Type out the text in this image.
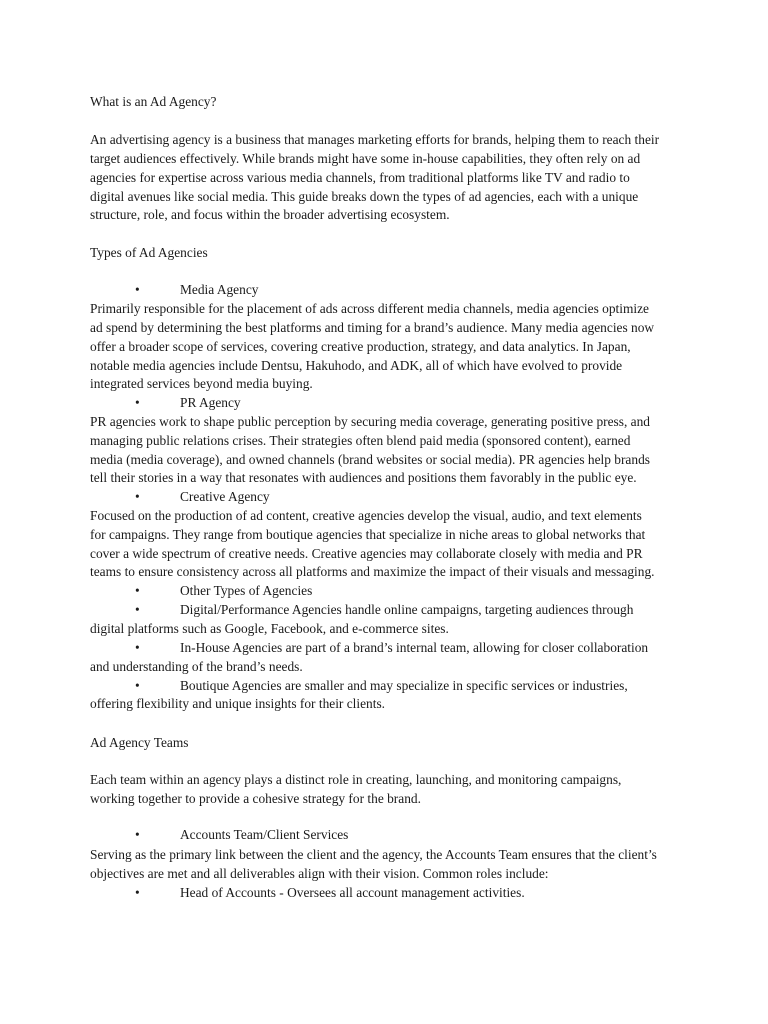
What is an Ad Agency?
An advertising agency is a business that manages marketing efforts for brands, helping them to reach their
target audiences effectively. While brands might have some in-house capabilities, they often rely on ad
agencies for expertise across various media channels, from traditional platforms like TV and radio to
digital avenues like social media. This guide breaks down the types of ad agencies, each with a unique
structure, role, and focus within the broader advertising ecosystem.
Types of Ad Agencies
•	Media Agency
Primarily responsible for the placement of ads across different media channels, media agencies optimize
ad spend by determining the best platforms and timing for a brand’s audience. Many media agencies now
offer a broader scope of services, covering creative production, strategy, and data analytics. In Japan,
notable media agencies include Dentsu, Hakuhodo, and ADK, all of which have evolved to provide
integrated services beyond media buying.
•	PR Agency
PR agencies work to shape public perception by securing media coverage, generating positive press, and
managing public relations crises. Their strategies often blend paid media (sponsored content), earned
media (media coverage), and owned channels (brand websites or social media). PR agencies help brands
tell their stories in a way that resonates with audiences and positions them favorably in the public eye.
•	Creative Agency
Focused on the production of ad content, creative agencies develop the visual, audio, and text elements
for campaigns. They range from boutique agencies that specialize in niche areas to global networks that
cover a wide spectrum of creative needs. Creative agencies may collaborate closely with media and PR
teams to ensure consistency across all platforms and maximize the impact of their visuals and messaging.
•	Other Types of Agencies
•	Digital/Performance Agencies handle online campaigns, targeting audiences through
digital platforms such as Google, Facebook, and e-commerce sites.
•	In-House Agencies are part of a brand’s internal team, allowing for closer collaboration
and understanding of the brand’s needs.
•	Boutique Agencies are smaller and may specialize in specific services or industries,
offering flexibility and unique insights for their clients.
Ad Agency Teams
Each team within an agency plays a distinct role in creating, launching, and monitoring campaigns,
working together to provide a cohesive strategy for the brand.
•	Accounts Team/Client Services
Serving as the primary link between the client and the agency, the Accounts Team ensures that the client’s
objectives are met and all deliverables align with their vision. Common roles include:
•	Head of Accounts - Oversees all account management activities.
